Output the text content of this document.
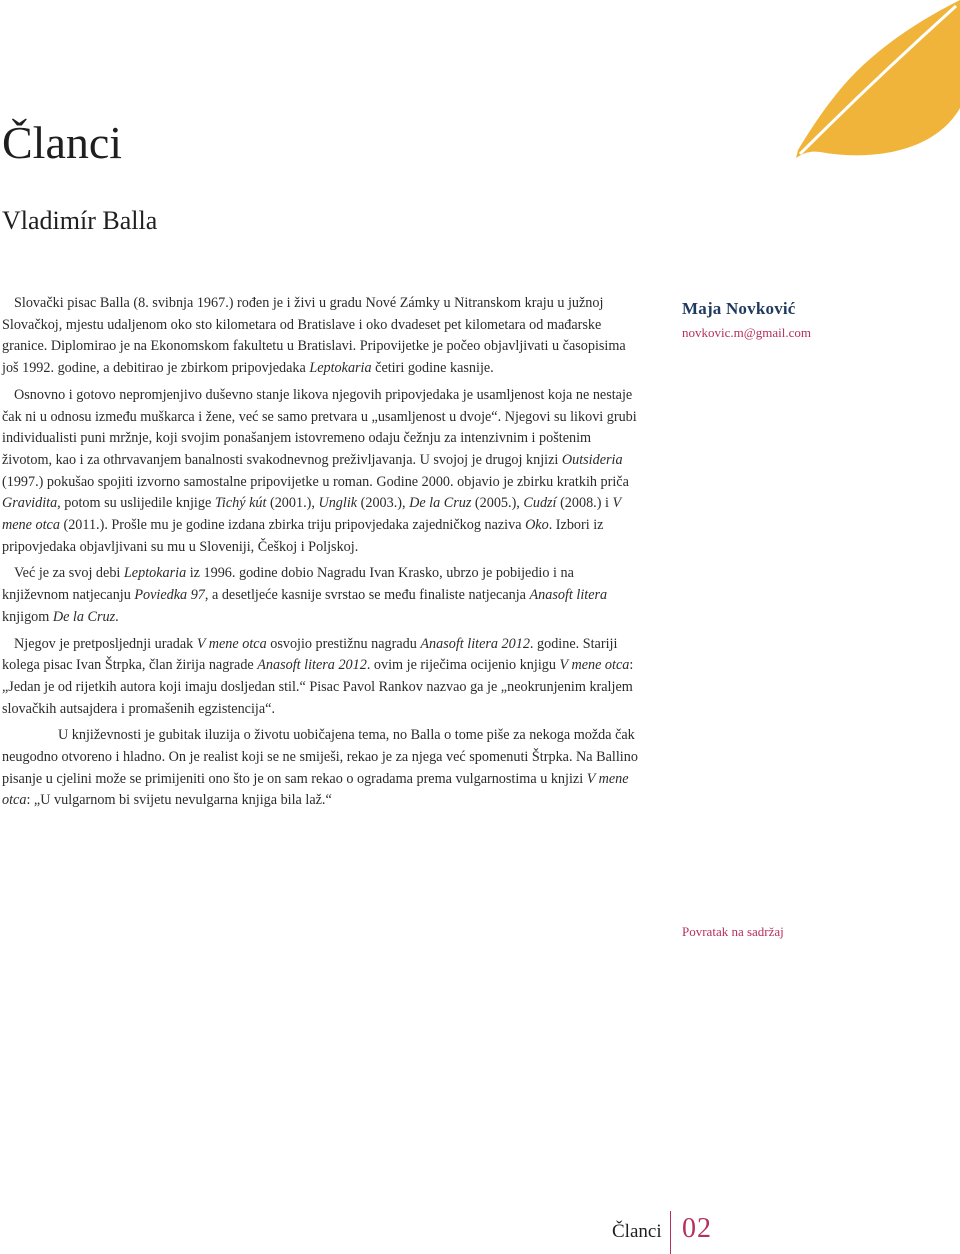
Članci
Vladimír Balla

Slovački pisac Balla (8. svibnja 1967.) rođen je i živi u gradu Nové Zámky u Nitranskom kraju u južnoj Slovačkoj, mjestu udaljenom oko sto kilometara od Bratislave i oko dvadeset pet kilometara od mađarske granice. Diplomirao je na Ekonomskom fakultetu u Bratislavi. Pripovijetke je počeo objavljivati u časopisima još 1992. godine, a debitirao je zbirkom pripovjedaka Leptokaria četiri godine kasnije.

Osnovno i gotovo nepromjenjivo duševno stanje likova njegovih pripovjedaka je usamljenost koja ne nestaje čak ni u odnosu između muškarca i žene, već se samo pretvara u „usamljenost u dvoje“. Njegovi su likovi grubi individualisti puni mržnje, koji svojim ponašanjem istovremeno odaju čežnju za intenzivnim i poštenim životom, kao i za othrvavanjem banalnosti svakodnevnog preživljavanja. U svojoj je drugoj knjizi Outsideria (1997.) pokušao spojiti izvorno samostalne pripovijetke u roman. Godine 2000. objavio je zbirku kratkih priča Gravidita, potom su uslijedile knjige Tichý kút (2001.), Unglik (2003.), De la Cruz (2005.), Cudzí (2008.) i V mene otca (2011.). Prošle mu je godine izdana zbirka triju pripovjedaka zajedničkog naziva Oko. Izbori iz pripovjedaka objavljivani su mu u Sloveniji, Češkoj i Poljskoj.

Već je za svoj debi Leptokaria iz 1996. godine dobio Nagradu Ivan Krasko, ubrzo je pobijedio i na književnom natjecanju Poviedka 97, a desetljeće kasnije svrstao se među finaliste natjecanja Anasoft litera knjigom De la Cruz.

Njegov je pretposljednji uradak V mene otca osvojio prestižnu nagradu Anasoft litera 2012. godine. Stariji kolega pisac Ivan Štrpka, član žirija nagrade Anasoft litera 2012. ovim je riječima ocijenio knjigu V mene otca: „Jedan je od rijetkih autora koji imaju dosljedan stil.“ Pisac Pavol Rankov nazvao ga je „neokrunjenim kraljem slovačkih autsajdera i promašenih egzistencija“.

U književnosti je gubitak iluzija o životu uobičajena tema, no Balla o tome piše za nekoga možda čak neugodno otvoreno i hladno. On je realist koji se ne smiješi, rekao je za njega već spomenuti Štrpka. Na Ballino pisanje u cjelini može se primijeniti ono što je on sam rekao o ogradama prema vulgarnostima u knjizi V mene otca: „U vulgarnom bi svijetu nevulgarna knjiga bila laž.“

Maja Novković
novkovic.m@gmail.com
Povratak na sadržaj
Članci 02
